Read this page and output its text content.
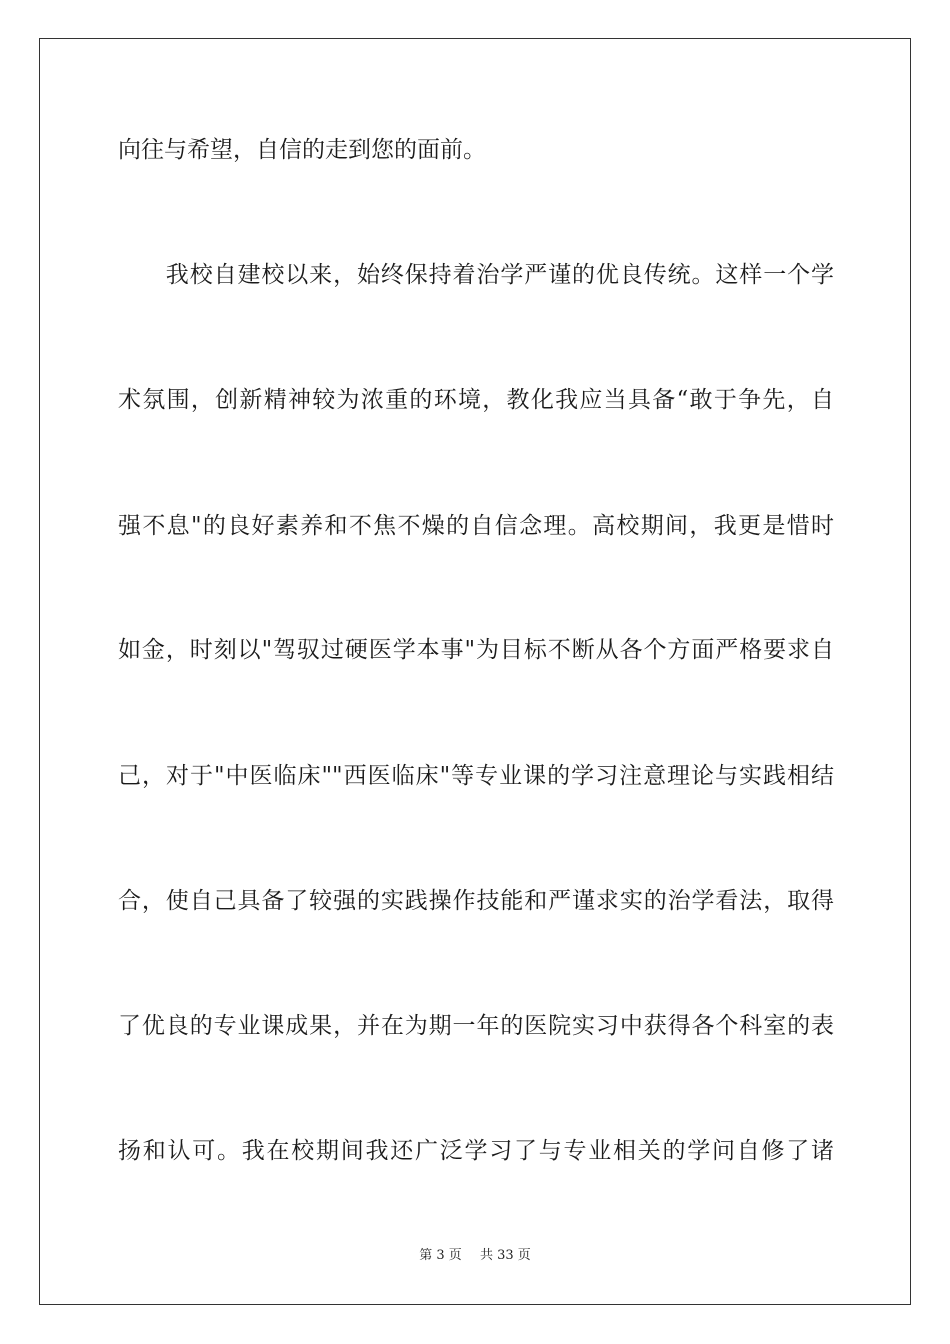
向往与希望，自信的走到您的面前。
　　我校自建校以来，始终保持着治学严谨的优良传统。这样一个学
术氛围，创新精神较为浓重的环境，教化我应当具备“敢于争先，自
强不息"的良好素养和不焦不燥的自信念理。高校期间，我更是惜时
如金，时刻以"驾驭过硬医学本事"为目标不断从各个方面严格要求自
己，对于"中医临床""西医临床"等专业课的学习注意理论与实践相结
合，使自己具备了较强的实践操作技能和严谨求实的治学看法，取得
了优良的专业课成果，并在为期一年的医院实习中获得各个科室的表
扬和认可。我在校期间我还广泛学习了与专业相关的学问自修了诸
第 3 页 共 33 页
